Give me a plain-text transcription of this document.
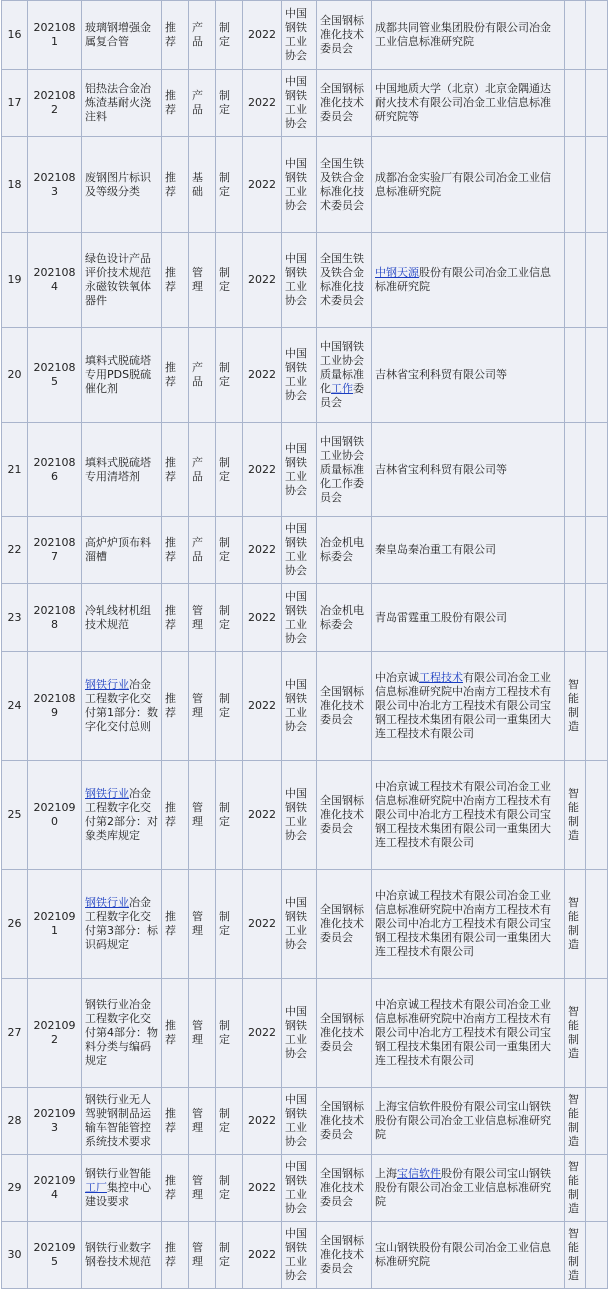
16	2021081	玻璃钢增强金属复合管	推荐	产品	制定	2022	中国钢铁工业协会	全国钢标准化技术委员会	成都共同管业集团股份有限公司冶金工业信息标准研究院		
17	2021082	铝热法合金冶炼渣基耐火浇注料	推荐	产品	制定	2022	中国钢铁工业协会	全国钢标准化技术委员会	中国地质大学（北京）北京金隅通达耐火技术有限公司冶金工业信息标准研究院等		
18	2021083	废钢图片标识及等级分类	推荐	基础	制定	2022	中国钢铁工业协会	全国生铁及铁合金标准化技术委员会	成都冶金实验厂有限公司冶金工业信息标准研究院		
19	2021084	绿色设计产品评价技术规范永磁钕铁氧体器件	推荐	管理	制定	2022	中国钢铁工业协会	全国生铁及铁合金标准化技术委员会	中钢天源股份有限公司冶金工业信息标准研究院		
20	2021085	填料式脱硫塔专用PDS脱硫催化剂	推荐	产品	制定	2022	中国钢铁工业协会	中国钢铁工业协会质量标准化工作委员会	吉林省宝利科贸有限公司等		
21	2021086	填料式脱硫塔专用清塔剂	推荐	产品	制定	2022	中国钢铁工业协会	中国钢铁工业协会质量标准化工作委员会	吉林省宝利科贸有限公司等		
22	2021087	高炉炉顶布料溜槽	推荐	产品	制定	2022	中国钢铁工业协会	冶金机电标委会	秦皇岛秦冶重工有限公司		
23	2021088	冷轧线材机组技术规范	推荐	管理	制定	2022	中国钢铁工业协会	冶金机电标委会	青岛雷霆重工股份有限公司		
24	2021089	钢铁行业冶金工程数字化交付第1部分：数字化交付总则	推荐	管理	制定	2022	中国钢铁工业协会	全国钢标准化技术委员会	中冶京诚工程技术有限公司冶金工业信息标准研究院中冶南方工程技术有限公司中冶北方工程技术有限公司宝钢工程技术集团有限公司一重集团大连工程技术有限公司	智能制造	
25	2021090	钢铁行业冶金工程数字化交付第2部分：对象类库规定	推荐	管理	制定	2022	中国钢铁工业协会	全国钢标准化技术委员会	中冶京诚工程技术有限公司冶金工业信息标准研究院中冶南方工程技术有限公司中冶北方工程技术有限公司宝钢工程技术集团有限公司一重集团大连工程技术有限公司	智能制造	
26	2021091	钢铁行业冶金工程数字化交付第3部分：标识码规定	推荐	管理	制定	2022	中国钢铁工业协会	全国钢标准化技术委员会	中冶京诚工程技术有限公司冶金工业信息标准研究院中冶南方工程技术有限公司中冶北方工程技术有限公司宝钢工程技术集团有限公司一重集团大连工程技术有限公司	智能制造	
27	2021092	钢铁行业冶金工程数字化交付第4部分：物料分类与编码规定	推荐	管理	制定	2022	中国钢铁工业协会	全国钢标准化技术委员会	中冶京诚工程技术有限公司冶金工业信息标准研究院中冶南方工程技术有限公司中冶北方工程技术有限公司宝钢工程技术集团有限公司一重集团大连工程技术有限公司	智能制造	
28	2021093	钢铁行业无人驾驶钢制品运输车智能管控系统技术要求	推荐	管理	制定	2022	中国钢铁工业协会	全国钢标准化技术委员会	上海宝信软件股份有限公司宝山钢铁股份有限公司冶金工业信息标准研究院	智能制造	
29	2021094	钢铁行业智能工厂集控中心建设要求	推荐	管理	制定	2022	中国钢铁工业协会	全国钢标准化技术委员会	上海宝信软件股份有限公司宝山钢铁股份有限公司冶金工业信息标准研究院	智能制造	
30	2021095	钢铁行业数字钢卷技术规范	推荐	管理	制定	2022	中国钢铁工业协会	全国钢标准化技术委员会	宝山钢铁股份有限公司冶金工业信息标准研究院	智能制造	
